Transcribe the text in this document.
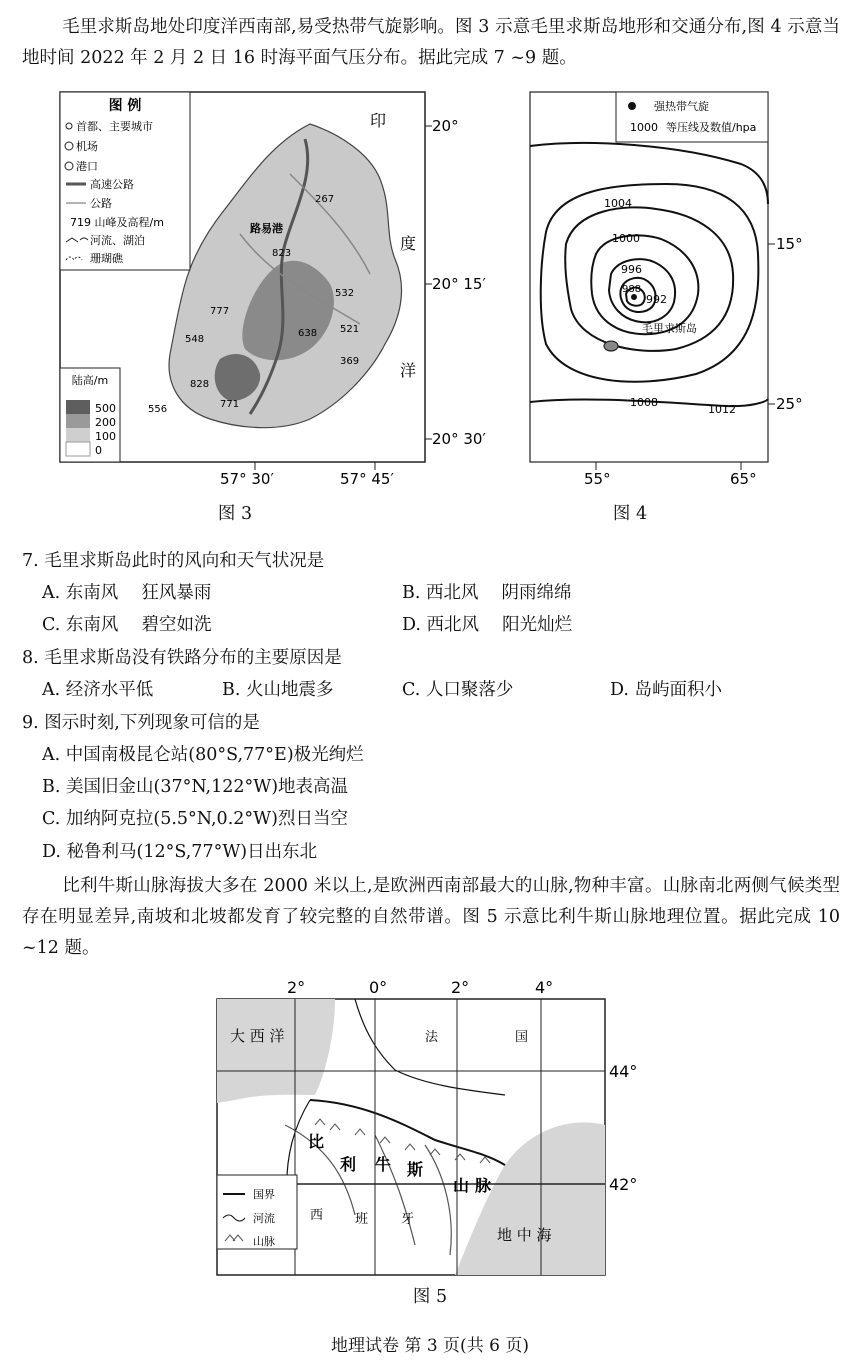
毛里求斯岛地处印度洋西南部,易受热带气旋影响。图 3 示意毛里求斯岛地形和交通分布,图 4 示意当地时间 2022 年 2 月 2 日 16 时海平面气压分布。据此完成 7 ~9 题。
图 例
首都、主要城市
机场
港口
高速公路
公路
719 山峰及高程/m
河流、湖泊
珊瑚礁
陆高/m
500
200
100
0
印
度
洋
路易港
267
823
532
777
638 521
548
369
828
771
556
20°
20° 15′
20° 30′
57° 30′	57° 45′
图 3
强热带气旋
1000 等压线及数值/hpa
1004
1000
996
992
988
1008
1012
毛里求斯岛
15°
25°
55°	65°
图 4
7. 毛里求斯岛此时的风向和天气状况是
A. 东南风　 狂风暴雨	B. 西北风　 阴雨绵绵
C. 东南风　 碧空如洗	D. 西北风　 阳光灿烂
8. 毛里求斯岛没有铁路分布的主要原因是
A. 经济水平低	B. 火山地震多	C. 人口聚落少	D. 岛屿面积小
9. 图示时刻,下列现象可信的是
A. 中国南极昆仑站(80°S,77°E)极光绚烂
B. 美国旧金山(37°N,122°W)地表高温
C. 加纳阿克拉(5.5°N,0.2°W)烈日当空
D. 秘鲁利马(12°S,77°W)日出东北
比利牛斯山脉海拔大多在 2000 米以上,是欧洲西南部最大的山脉,物种丰富。山脉南北两侧气候类型存在明显差异,南坡和北坡都发育了较完整的自然带谱。图 5 示意比利牛斯山脉地理位置。据此完成 10 ~12 题。
比
利 牛 斯
山 脉
大 西 洋	法	国
西 班	牙
地 中 海
国界
河流
山脉
2°	0°	2°	4°
44°
42°
图 5
地理试卷 第 3 页(共 6 页)
